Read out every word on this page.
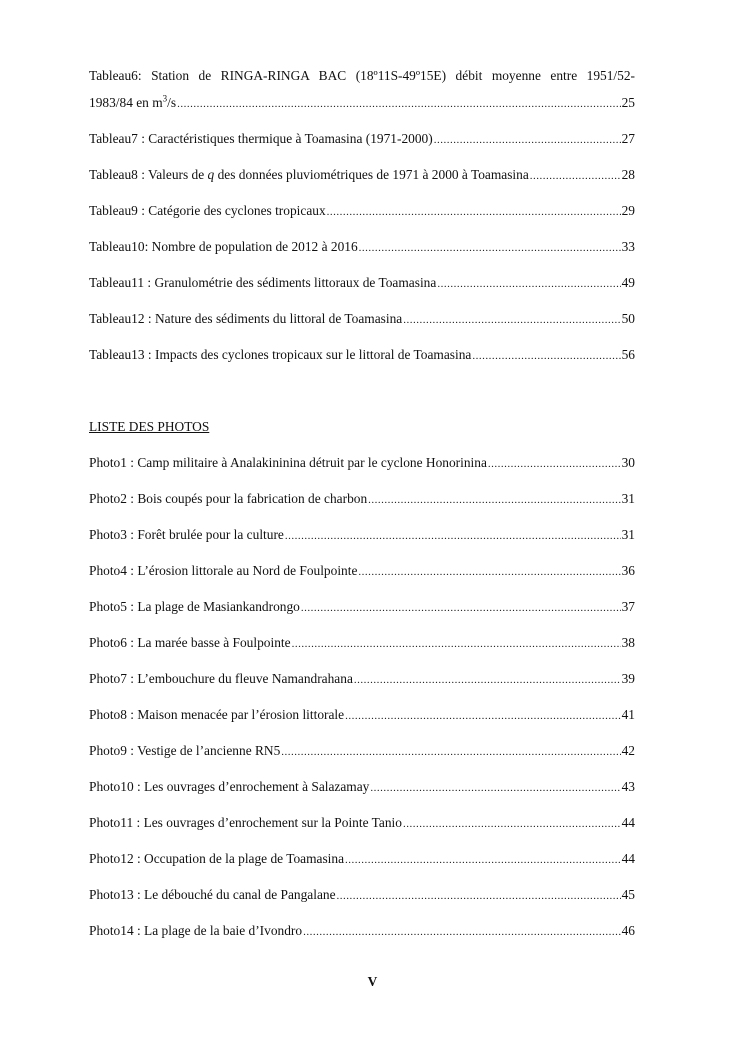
Tableau6: Station de RINGA-RINGA BAC (18º11S-49º15E) débit moyenne entre 1951/52-
1983/84 en $m^3/s$ .....	25
Tableau7 : Caractéristiques thermique à Toamasina (1971-2000) .....	27
Tableau8 : Valeurs de q des données pluviométriques de 1971 à 2000 à Toamasina .....	28
Tableau9 : Catégorie des cyclones tropicaux .....	29
Tableau10: Nombre de population de 2012 à 2016 .....	33
Tableau11 : Granulométrie des sédiments littoraux de Toamasina .....	49
Tableau12 : Nature des sédiments du littoral de Toamasina .....	50
Tableau13 : Impacts des cyclones tropicaux sur le littoral de Toamasina .....	56
LISTE DES PHOTOS
Photo1 : Camp militaire à Analakininina détruit par le cyclone Honorinina .....	30
Photo2 : Bois coupés pour la fabrication de charbon .....	31
Photo3 : Forêt brulée pour la culture .....	31
Photo4 : L’érosion littorale au Nord de Foulpointe .....	36
Photo5 : La plage de Masiankandrongo .....	37
Photo6 : La marée basse à Foulpointe .....	38
Photo7 : L’embouchure du fleuve Namandrahana .....	39
Photo8 : Maison menacée par l’érosion littorale .....	41
Photo9 : Vestige de l’ancienne RN5 .....	42
Photo10 : Les ouvrages d’enrochement à Salazamay .....	43
Photo11 : Les ouvrages d’enrochement sur la Pointe Tanio .....	44
Photo12 : Occupation de la plage de Toamasina .....	44
Photo13 : Le débouché du canal de Pangalane .....	45
Photo14 : La plage de la baie d’Ivondro .....	46
V
